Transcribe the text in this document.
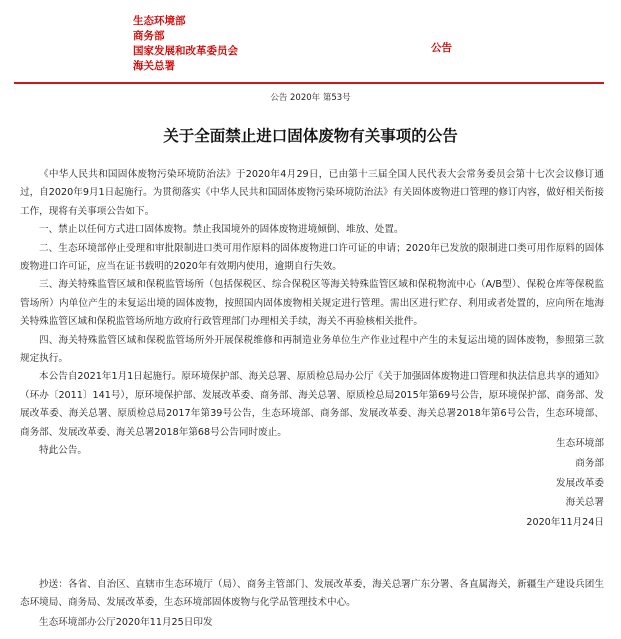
生态环境部
商务部
国家发展和改革委员会
海关总署
公告
公告 2020年 第53号
关于全面禁止进口固体废物有关事项的公告

《中华人民共和国固体废物污染环境防治法》于2020年4月29日，已由第十三届全国人民代表大会常务委员会第十七次会议修订通过，自2020年9月1日起施行。为贯彻落实《中华人民共和国固体废物污染环境防治法》有关固体废物进口管理的修订内容，做好相关衔接工作，现将有关事项公告如下。

一、禁止以任何方式进口固体废物。禁止我国境外的固体废物进境倾倒、堆放、处置。

二、生态环境部停止受理和审批限制进口类可用作原料的固体废物进口许可证的申请；2020年已发放的限制进口类可用作原料的固体废物进口许可证，应当在证书载明的2020年有效期内使用，逾期自行失效。

三、海关特殊监管区域和保税监管场所（包括保税区、综合保税区等海关特殊监管区域和保税物流中心（A/B型）、保税仓库等保税监管场所）内单位产生的未复运出境的固体废物，按照国内固体废物相关规定进行管理。需出区进行贮存、利用或者处置的，应向所在地海关特殊监管区域和保税监管场所地方政府行政管理部门办理相关手续，海关不再验核相关批件。

四、海关特殊监管区域和保税监管场所外开展保税维修和再制造业务单位生产作业过程中产生的未复运出境的固体废物，参照第三款规定执行。

本公告自2021年1月1日起施行。原环境保护部、海关总署、原质检总局办公厅《关于加强固体废物进口管理和执法信息共享的通知》（环办〔2011〕141号），原环境保护部、发展改革委、商务部、海关总署、原质检总局2015年第69号公告，原环境保护部、商务部、发展改革委、海关总署、原质检总局2017年第39号公告，生态环境部、商务部、发展改革委、海关总署2018年第6号公告，生态环境部、商务部、发展改革委、海关总署2018年第68号公告同时废止。

特此公告。

生态环境部
商务部
发展改革委
海关总署
2020年11月24日
抄送：各省、自治区、直辖市生态环境厅（局）、商务主管部门、发展改革委，海关总署广东分署、各直属海关，新疆生产建设兵团生态环境局、商务局、发展改革委，生态环境部固体废物与化学品管理技术中心。
生态环境部办公厅2020年11月25日印发
